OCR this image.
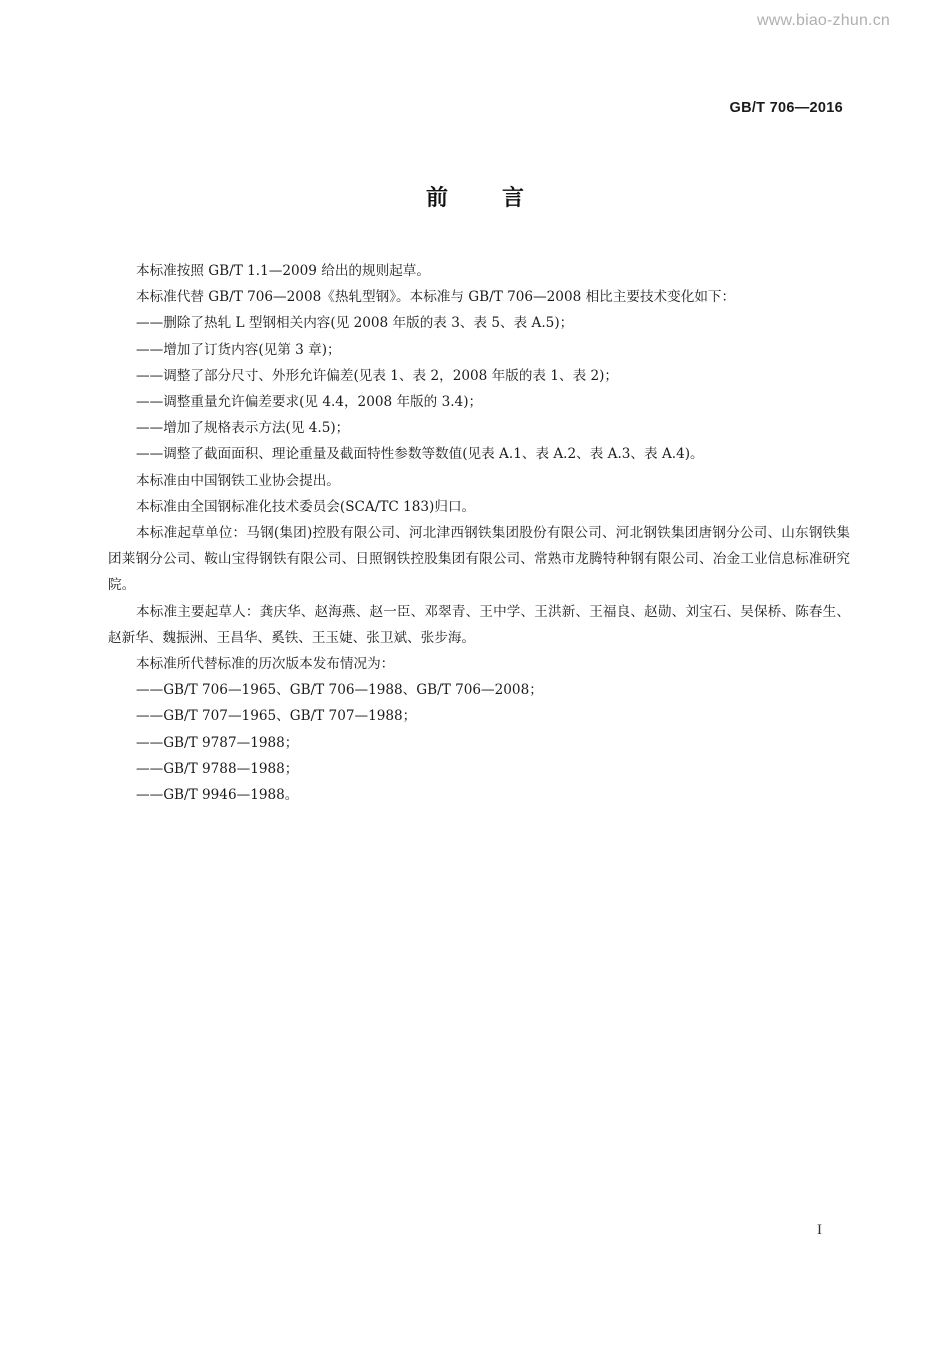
www.biao-zhun.cn
GB/T 706—2016
前言

本标准按照 GB/T 1.1—2009 给出的规则起草。

本标准代替 GB/T 706—2008《热轧型钢》。本标准与 GB/T 706—2008 相比主要技术变化如下：

——删除了热轧 L 型钢相关内容(见 2008 年版的表 3、表 5、表 A.5)；

——增加了订货内容(见第 3 章)；

——调整了部分尺寸、外形允许偏差(见表 1、表 2，2008 年版的表 1、表 2)；

——调整重量允许偏差要求(见 4.4，2008 年版的 3.4)；

——增加了规格表示方法(见 4.5)；

——调整了截面面积、理论重量及截面特性参数等数值(见表 A.1、表 A.2、表 A.3、表 A.4)。

本标准由中国钢铁工业协会提出。

本标准由全国钢标准化技术委员会(SCA/TC 183)归口。

本标准起草单位：马钢(集团)控股有限公司、河北津西钢铁集团股份有限公司、河北钢铁集团唐钢分公司、山东钢铁集团莱钢分公司、鞍山宝得钢铁有限公司、日照钢铁控股集团有限公司、常熟市龙腾特种钢有限公司、冶金工业信息标准研究院。

本标准主要起草人：龚庆华、赵海燕、赵一臣、邓翠青、王中学、王洪新、王福良、赵勋、刘宝石、吴保桥、陈春生、赵新华、魏振洲、王昌华、奚铁、王玉婕、张卫斌、张步海。

本标准所代替标准的历次版本发布情况为：

——GB/T 706—1965、GB/T 706—1988、GB/T 706—2008；

——GB/T 707—1965、GB/T 707—1988；

——GB/T 9787—1988；

——GB/T 9788—1988；

——GB/T 9946—1988。

I
